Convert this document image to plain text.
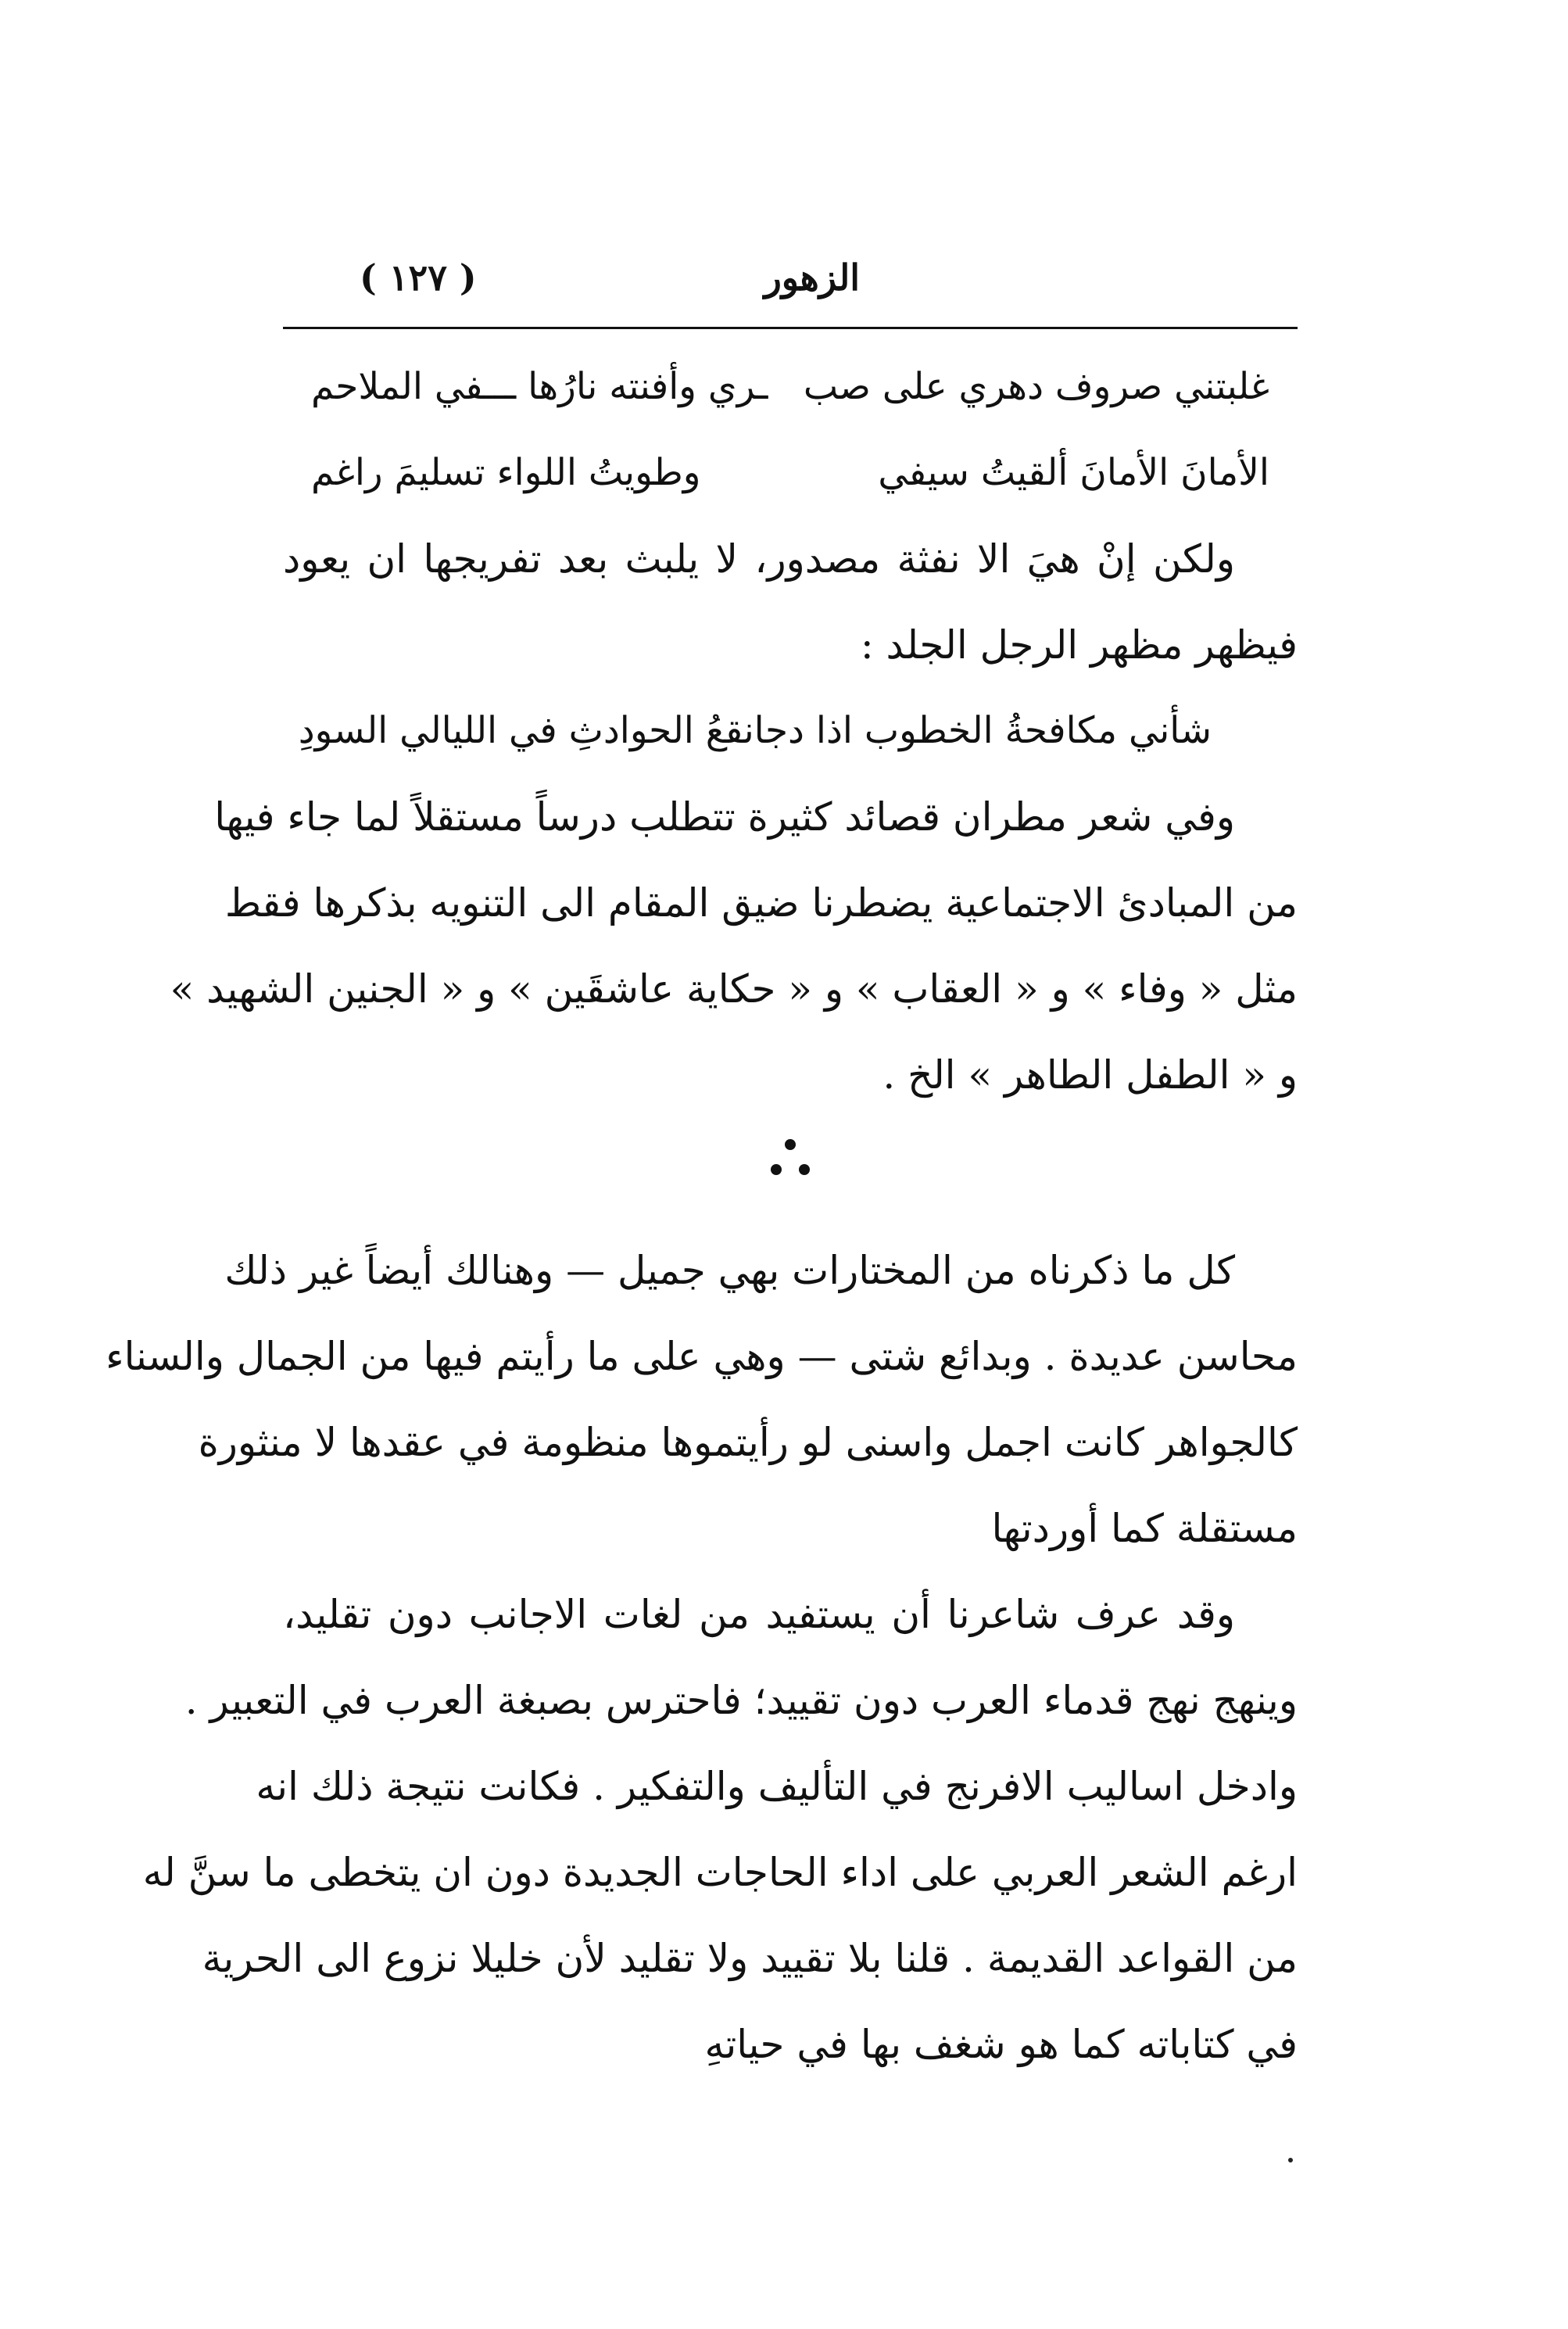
الزهور
( ١٢٧ )
غلبتني صروف دهري على صب
ـري وأفنته نارُها ـــفي الملاحم
الأمانَ الأمانَ ألقيتُ سيفي
وطويتُ اللواء تسليمَ راغم

ولكن إنْ هيَ الا نفثة مصدور، لا يلبث بعد تفريجها ان يعود
فيظهر مظهر الرجل الجلد :

شأني مكافحةُ الخطوب اذا دجا
نقعُ الحوادثِ في الليالي السودِ

وفي شعر مطران قصائد كثيرة تتطلب درساً مستقلاً لما جاء فيها
من المبادئ الاجتماعية يضطرنا ضيق المقام الى التنويه بذكرها فقط
مثل « وفاء » و « العقاب » و « حكاية عاشقَين » و « الجنين الشهيد »
و « الطفل الطاهر » الخ .

كل ما ذكرناه من المختارات بهي جميل — وهنالك أيضاً غير ذلك
محاسن عديدة . وبدائع شتى — وهي على ما رأيتم فيها من الجمال والسناء
كالجواهر كانت اجمل واسنى لو رأيتموها منظومة في عقدها لا منثورة
مستقلة كما أوردتها

وقد عرف شاعرنا أن يستفيد من لغات الاجانب دون تقليد،
وينهج نهج قدماء العرب دون تقييد؛ فاحترس بصبغة العرب في التعبير .
وادخل اساليب الافرنج في التأليف والتفكير . فكانت نتيجة ذلك انه
ارغم الشعر العربي على اداء الحاجات الجديدة دون ان يتخطى ما سنَّ له
من القواعد القديمة . قلنا بلا تقييد ولا تقليد لأن خليلا نزوع الى الحرية
في كتاباته كما هو شغف بها في حياتهِ
